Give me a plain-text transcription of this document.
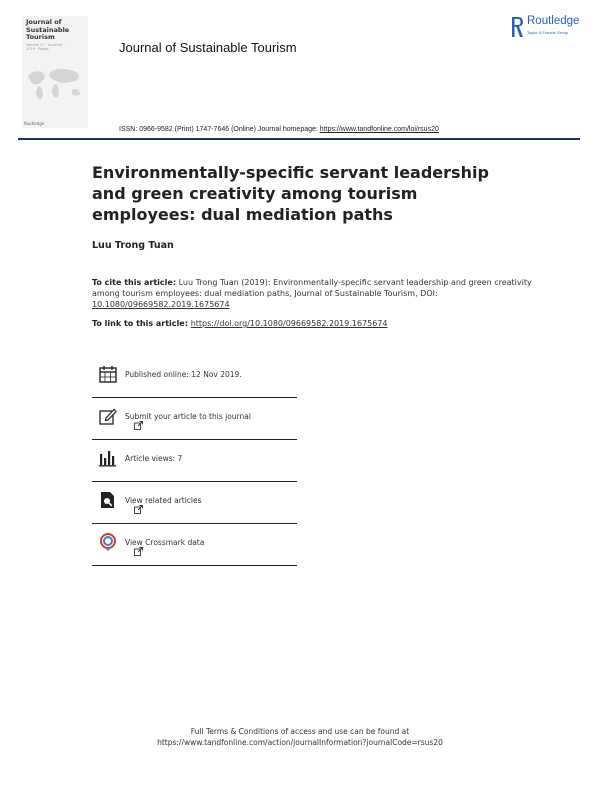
Journal of Sustainable Tourism
Volume 27 · Issue 00 · 2019 · Pages
Routledge
Journal of Sustainable Tourism
Routledge
Taylor & Francis Group
ISSN: 0966-9582 (Print) 1747-7646 (Online) Journal homepage: https://www.tandfonline.com/loi/rsus20
Environmentally-specific servant leadership and green creativity among tourism employees: dual mediation paths
Luu Trong Tuan
To cite this article: Luu Trong Tuan (2019): Environmentally-specific servant leadership and green creativity among tourism employees: dual mediation paths, Journal of Sustainable Tourism, DOI: 10.1080/09669582.2019.1675674
To link to this article: https://doi.org/10.1080/09669582.2019.1675674
Published online: 12 Nov 2019.
Submit your article to this journal
Article views: 7
View related articles
View Crossmark data
Full Terms & Conditions of access and use can be found at
https://www.tandfonline.com/action/journalInformation?journalCode=rsus20
